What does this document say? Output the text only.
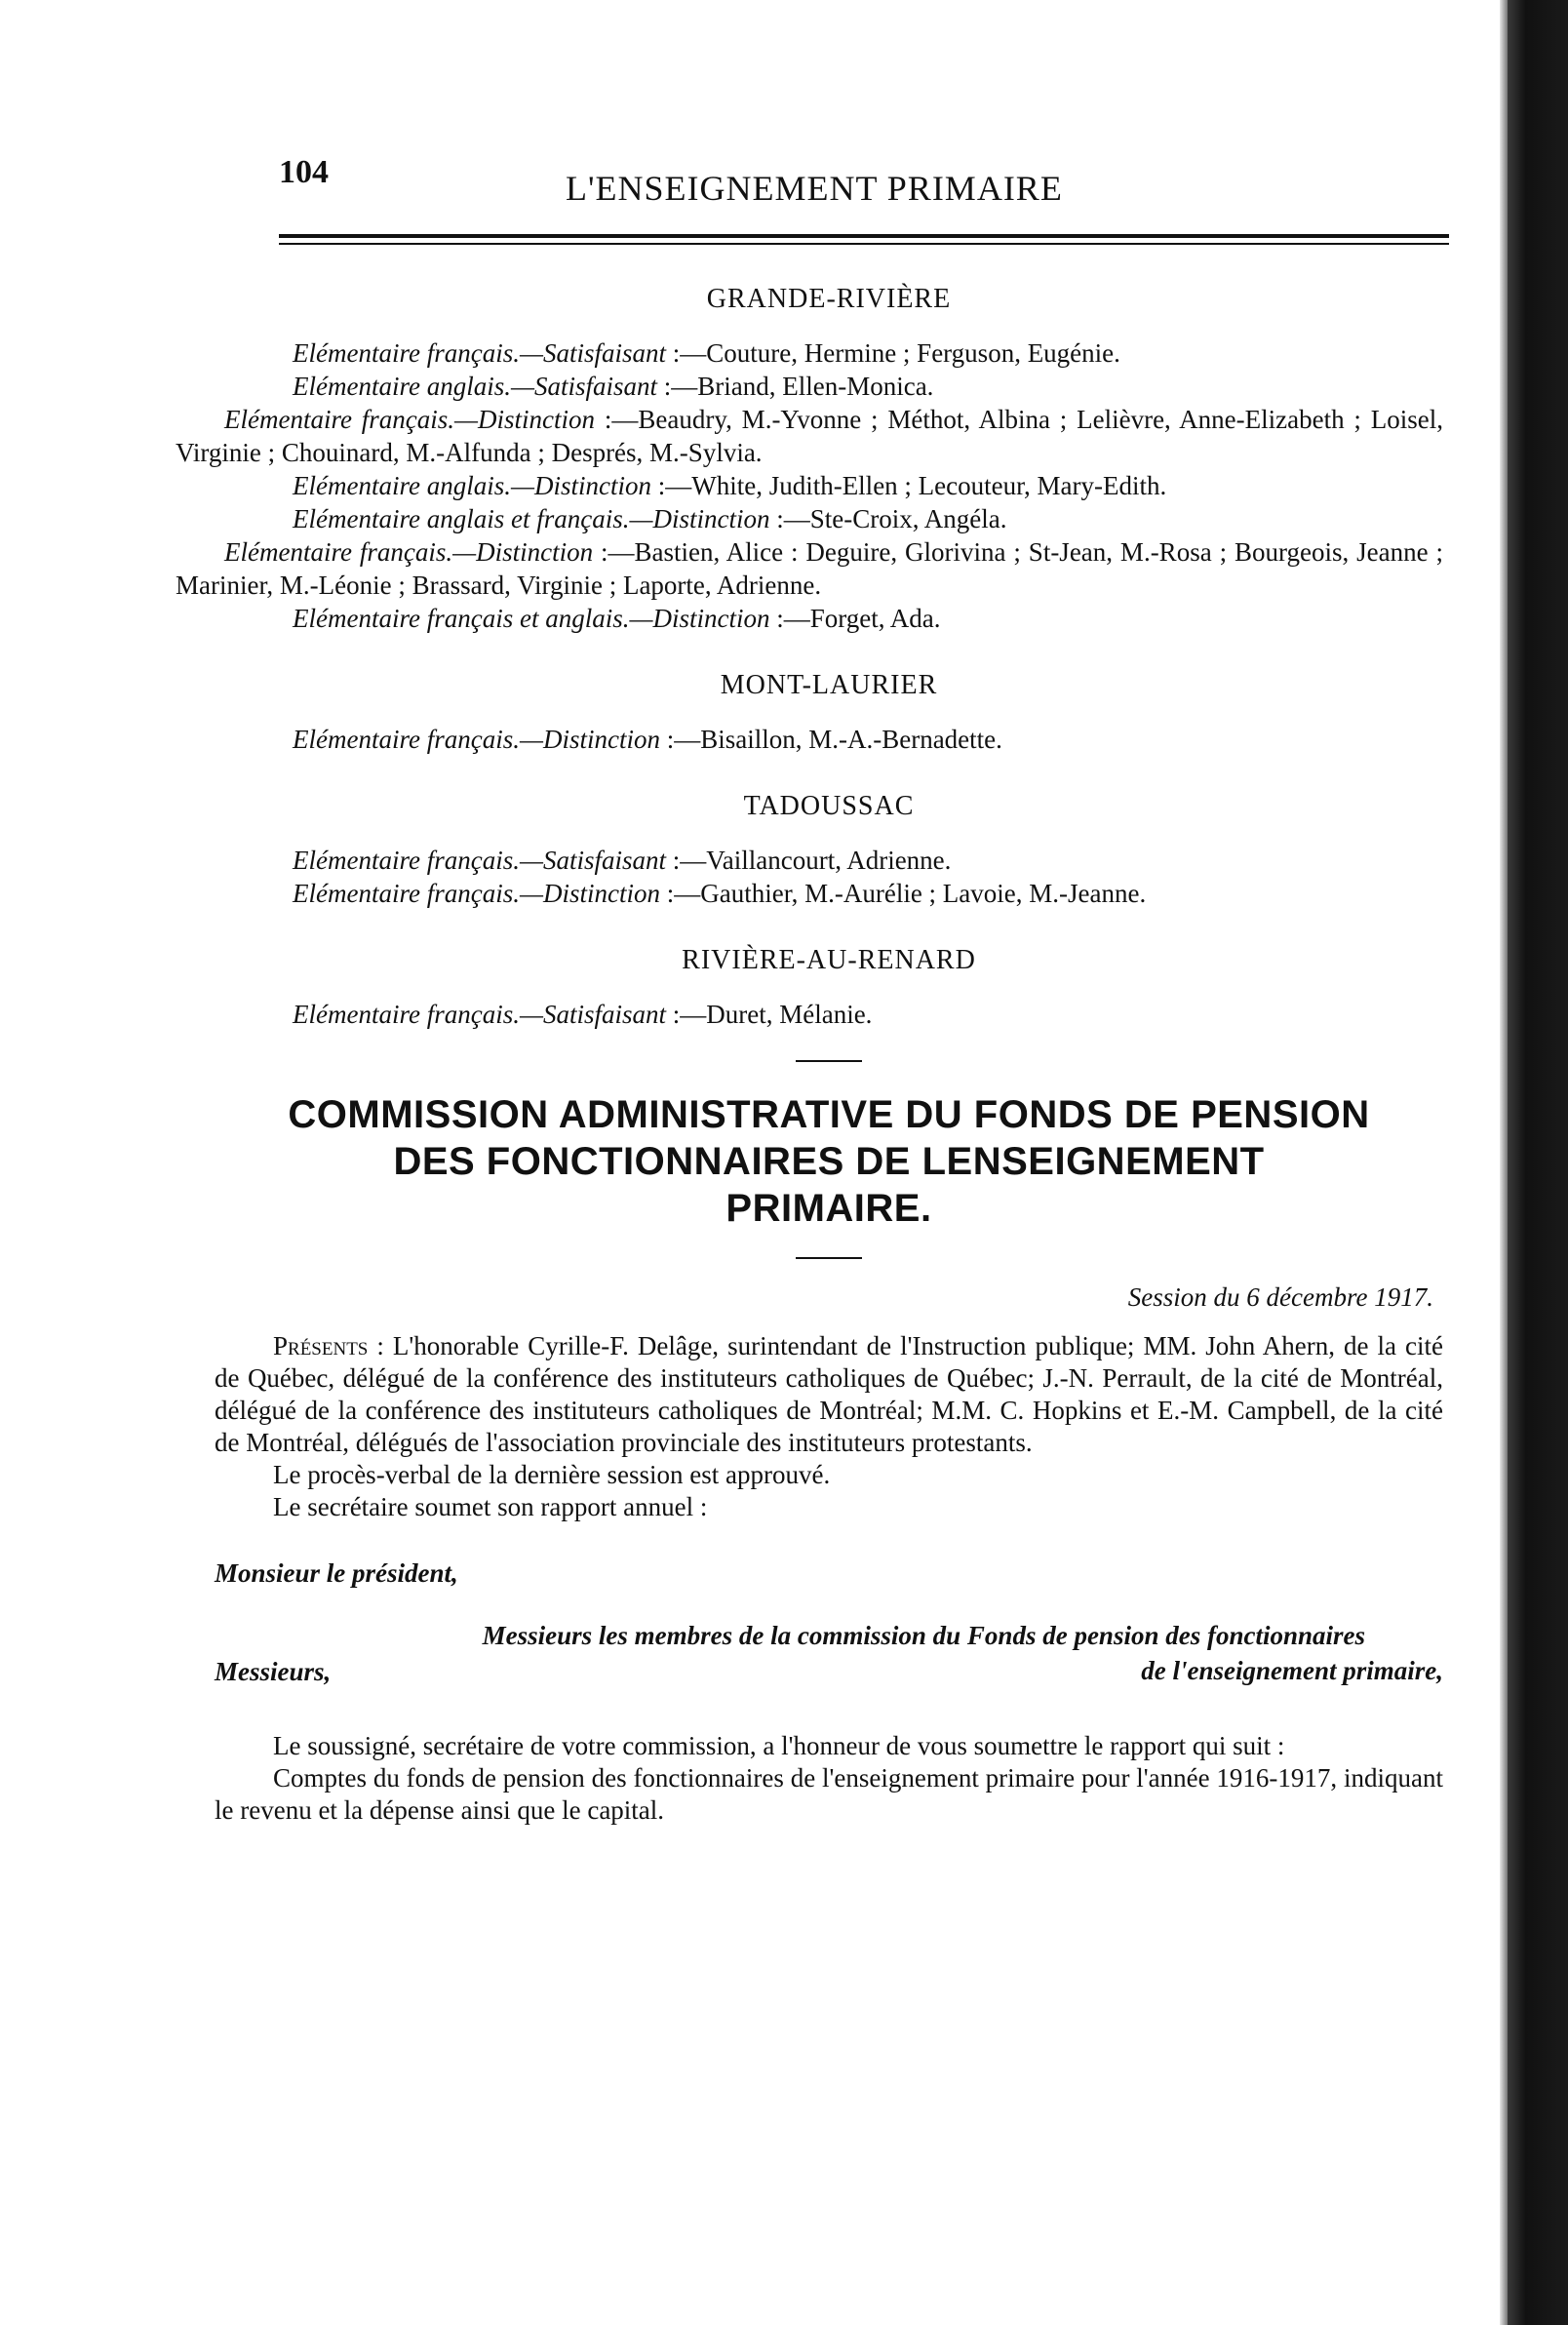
104	L'ENSEIGNEMENT PRIMAIRE
GRANDE-RIVIÈRE
Elémentaire français.—Satisfaisant :—Couture, Hermine ; Ferguson, Eugénie.
Elémentaire anglais.—Satisfaisant :—Briand, Ellen-Monica.
Elémentaire français.—Distinction :—Beaudry, M.-Yvonne ; Méthot, Albina ; Lelièvre, Anne-Elizabeth ; Loisel, Virginie ; Chouinard, M.-Alfunda ; Després, M.-Sylvia.
Elémentaire anglais.—Distinction :—White, Judith-Ellen ; Lecouteur, Mary-Edith.
Elémentaire anglais et français.—Distinction :—Ste-Croix, Angéla.
Elémentaire français.—Distinction :—Bastien, Alice : Deguire, Glorivina ; St-Jean, M.-Rosa ; Bourgeois, Jeanne ; Marinier, M.-Léonie ; Brassard, Virginie ; Laporte, Adrienne.
Elémentaire français et anglais.—Distinction :—Forget, Ada.
MONT-LAURIER
Elémentaire français.—Distinction :—Bisaillon, M.-A.-Bernadette.
TADOUSSAC
Elémentaire français.—Satisfaisant :—Vaillancourt, Adrienne.
Elémentaire français.—Distinction :—Gauthier, M.-Aurélie ; Lavoie, M.-Jeanne.
RIVIÈRE-AU-RENARD
Elémentaire français.—Satisfaisant :—Duret, Mélanie.
COMMISSION ADMINISTRATIVE DU FONDS DE PENSION
DES FONCTIONNAIRES DE LENSEIGNEMENT
PRIMAIRE.
Session du 6 décembre 1917.

Présents : L'honorable Cyrille-F. Delâge, surintendant de l'Instruction publique; MM. John Ahern, de la cité de Québec, délégué de la conférence des instituteurs catholiques de Québec; J.-N. Perrault, de la cité de Montréal, délégué de la conférence des instituteurs catholiques de Montréal; M.M. C. Hopkins et E.-M. Campbell, de la cité de Montréal, délégués de l'association provinciale des instituteurs protestants.

Le procès-verbal de la dernière session est approuvé.

Le secrétaire soumet son rapport annuel :

Monsieur le président,
Messieurs les membres de la commission du Fonds de pension des fonctionnaires
de l'enseignement primaire,
Messieurs,

Le soussigné, secrétaire de votre commission, a l'honneur de vous soumettre le rapport qui suit :

Comptes du fonds de pension des fonctionnaires de l'enseignement primaire pour l'année 1916-1917, indiquant le revenu et la dépense ainsi que le capital.
